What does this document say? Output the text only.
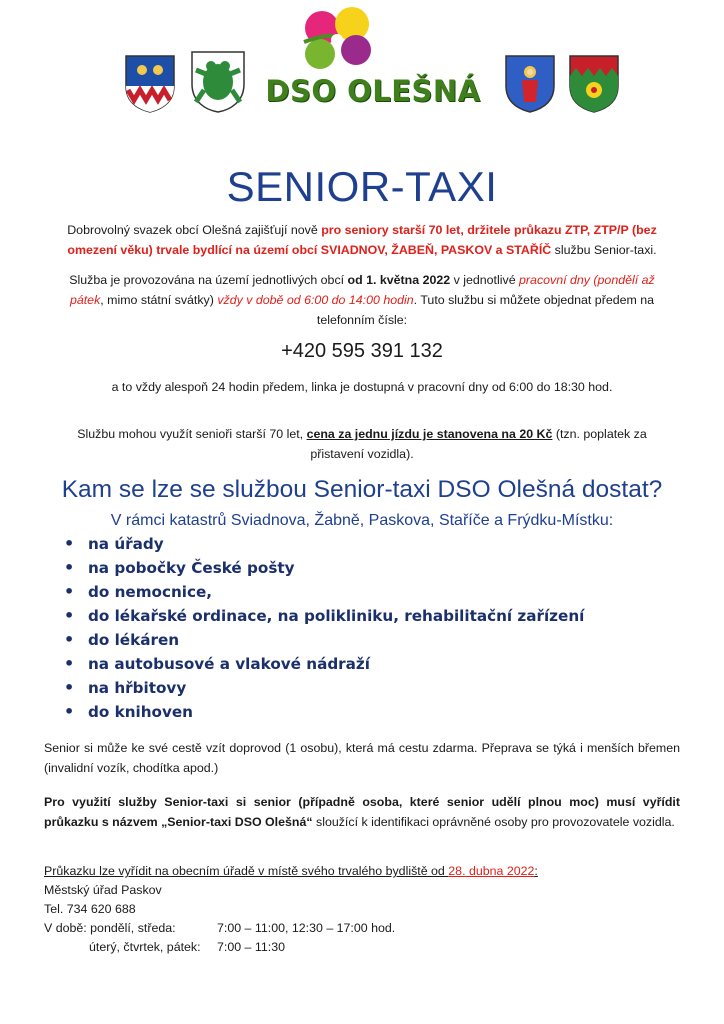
DSO OLEŠNÁ
SENIOR-TAXI
Dobrovolný svazek obcí Olešná zajišťují nově pro seniory starší 70 let, držitele průkazu ZTP, ZTP/P (bez
omezení věku) trvale bydlící na území obcí SVIADNOV, ŽABEŇ, PASKOV a STAŘÍČ službu Senior-taxi.
Služba je provozována na území jednotlivých obcí od 1. května 2022 v jednotlivé pracovní dny (pondělí až
pátek, mimo státní svátky) vždy v době od 6:00 do 14:00 hodin. Tuto službu si můžete objednat předem na
telefonním čísle:
+420 595 391 132
a to vždy alespoň 24 hodin předem, linka je dostupná v pracovní dny od 6:00 do 18:30 hod.
Službu mohou využít senioři starší 70 let, cena za jednu jízdu je stanovena na 20 Kč (tzn. poplatek za
přistavení vozidla).
Kam se lze se službou Senior-taxi DSO Olešná dostat?
V rámci katastrů Sviadnova, Žabně, Paskova, Staříče a Frýdku-Místku:
• na úřady
• na pobočky České pošty
• do nemocnice,
• do lékařské ordinace, na polikliniku, rehabilitační zařízení
• do lékáren
• na autobusové a vlakové nádraží
• na hřbitovy
• do knihoven
Senior si může ke své cestě vzít doprovod (1 osobu), která má cestu zdarma. Přeprava se týká i menších břemen (invalidní vozík, chodítka apod.)
Pro využití služby Senior-taxi si senior (případně osoba, které senior udělí plnou moc) musí vyřídit průkazku s názvem „Senior-taxi DSO Olešná“ sloužící k identifikaci oprávněné osoby pro provozovatele vozidla.
Průkazku lze vyřídit na obecním úřadě v místě svého trvalého bydliště od 28. dubna 2022:
Městský úřad Paskov
Tel. 734 620 688
V době: pondělí, středa:	7:00 – 11:00, 12:30 – 17:00 hod.
úterý, čtvrtek, pátek: 7:00 – 11:30
